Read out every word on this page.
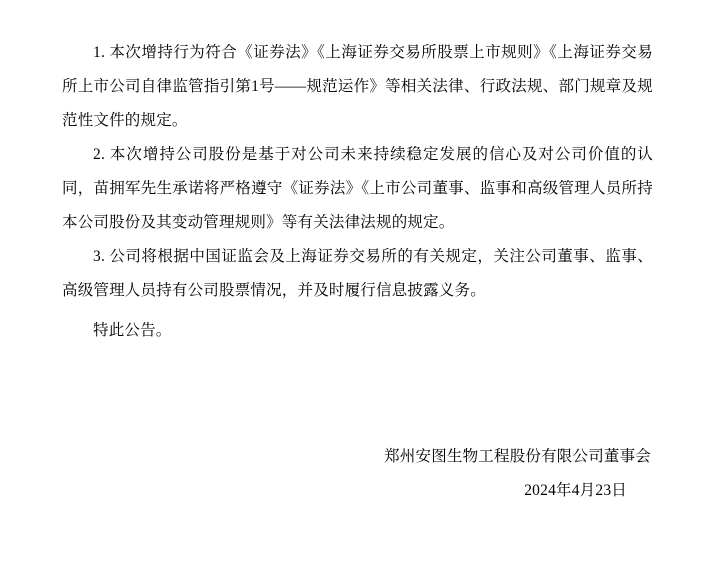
1. 本次增持行为符合《证券法》《上海证券交易所股票上市规则》《上海证券交易所上市公司自律监管指引第1号——规范运作》等相关法律、行政法规、部门规章及规范性文件的规定。

2. 本次增持公司股份是基于对公司未来持续稳定发展的信心及对公司价值的认同，苗拥军先生承诺将严格遵守《证券法》《上市公司董事、监事和高级管理人员所持本公司股份及其变动管理规则》等有关法律法规的规定。

3. 公司将根据中国证监会及上海证券交易所的有关规定，关注公司董事、监事、高级管理人员持有公司股票情况，并及时履行信息披露义务。

特此公告。

郑州安图生物工程股份有限公司董事会
2024年4月23日
